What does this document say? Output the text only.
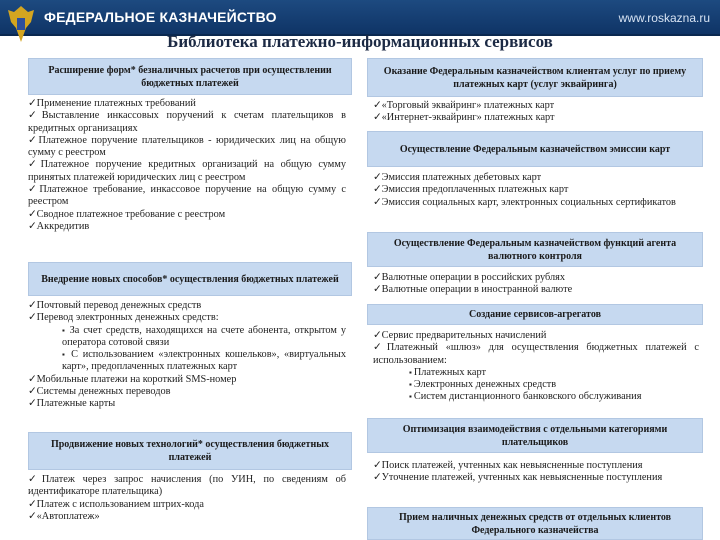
ФЕДЕРАЛЬНОЕ КАЗНАЧЕЙСТВО	www.roskazna.ru
Библиотека платежно-информационных сервисов
Расширение форм* безналичных расчетов при осуществлении бюджетных платежей
✓ Применение платежных требований
✓ Выставление инкассовых поручений к счетам плательщиков в кредитных организациях
✓ Платежное поручение плательщиков - юридических лиц на общую сумму с реестром
✓ Платежное поручение кредитных организаций на общую сумму принятых платежей юридических лиц с реестром
✓ Платежное требование, инкассовое поручение на общую сумму с реестром
✓ Сводное платежное требование с реестром
✓ Аккредитив
Внедрение новых способов* осуществления бюджетных платежей
✓ Почтовый перевод денежных средств
✓ Перевод электронных денежных средств:
▪ За счет средств, находящихся на счете абонента, открытом у оператора сотовой связи
▪ С использованием «электронных кошельков», «виртуальных карт», предоплаченных платежных карт
✓ Мобильные платежи на короткий SMS-номер
✓ Системы денежных переводов
✓ Платежные карты
Продвижение новых технологий* осуществления бюджетных платежей
✓ Платеж через запрос начисления (по УИН, по сведениям об идентификаторе плательщика)
✓ Платеж с использованием штрих-кода
✓ «Автоплатеж»
Оказание Федеральным казначейством клиентам услуг по приему платежных карт (услуг эквайринга)
✓ «Торговый эквайринг» платежных карт
✓ «Интернет-эквайринг» платежных карт
Осуществление Федеральным казначейством эмиссии карт
✓ Эмиссия платежных дебетовых карт
✓ Эмиссия предоплаченных платежных карт
✓ Эмиссия социальных карт, электронных социальных сертификатов
Осуществление Федеральным казначейством функций агента валютного контроля
✓ Валютные операции в российских рублях
✓ Валютные операции в иностранной валюте
Создание сервисов-агрегатов
✓ Сервис предварительных начислений
✓ Платежный «шлюз» для осуществления бюджетных платежей с использованием:
▪ Платежных карт
▪ Электронных денежных средств
▪ Систем дистанционного банковского обслуживания
Оптимизация взаимодействия с отдельными категориями плательщиков
✓ Поиск платежей, учтенных как невыясненные поступления
✓ Уточнение платежей, учтенных как невыясненные поступления
Прием наличных денежных средств от отдельных клиентов Федерального казначейства
